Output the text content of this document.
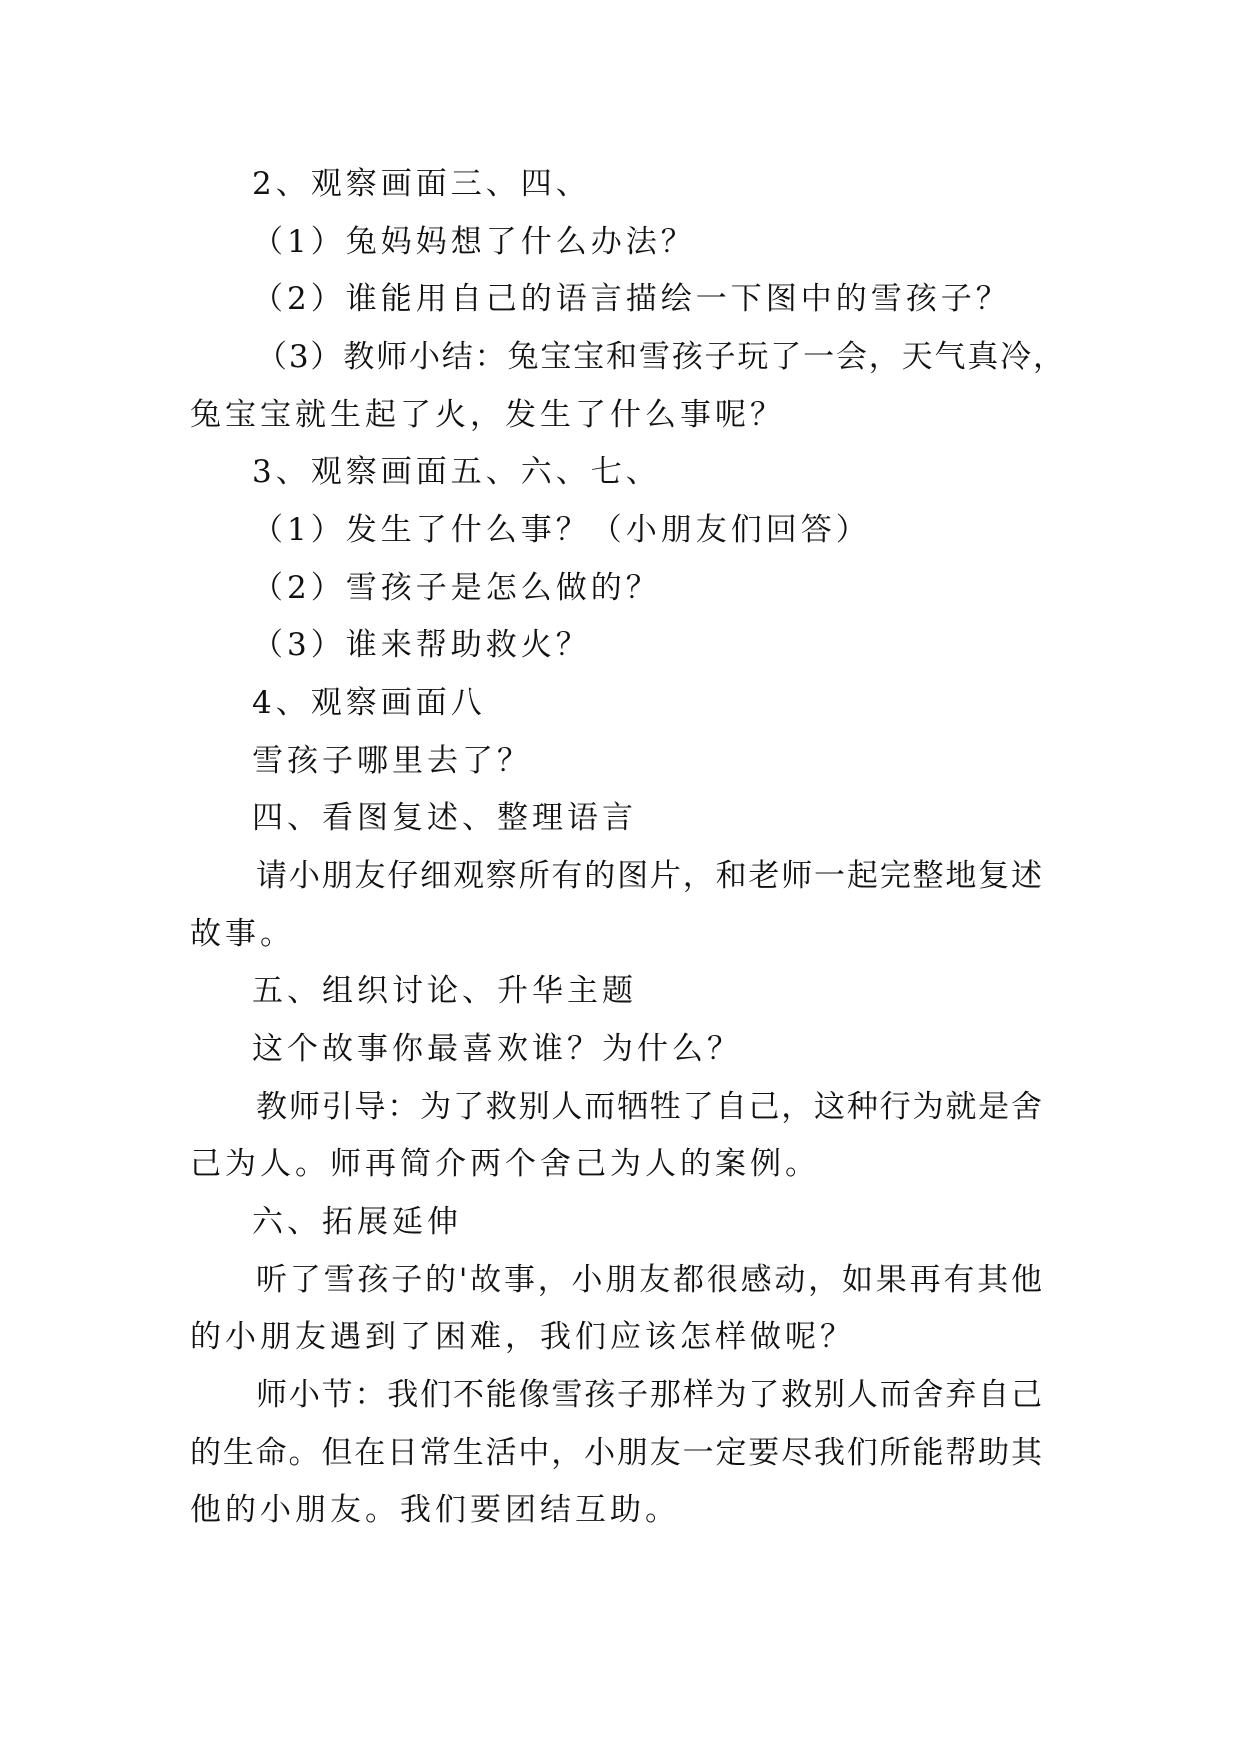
2、观察画面三、四、
（1）兔妈妈想了什么办法？
（2）谁能用自己的语言描绘一下图中的雪孩子？
（3）教师小结：兔宝宝和雪孩子玩了一会，天气真冷，
兔宝宝就生起了火，发生了什么事呢？
3、观察画面五、六、七、
（1）发生了什么事？（小朋友们回答）
（2）雪孩子是怎么做的？
（3）谁来帮助救火？
4、观察画面八
雪孩子哪里去了？
四、看图复述、整理语言
请小朋友仔细观察所有的图片，和老师一起完整地复述
故事。
五、组织讨论、升华主题
这个故事你最喜欢谁？为什么？
教师引导：为了救别人而牺牲了自己，这种行为就是舍
己为人。师再简介两个舍己为人的案例。
六、拓展延伸
听了雪孩子的'故事，小朋友都很感动，如果再有其他
的小朋友遇到了困难，我们应该怎样做呢？
师小节：我们不能像雪孩子那样为了救别人而舍弃自己
的生命。但在日常生活中，小朋友一定要尽我们所能帮助其
他的小朋友。我们要团结互助。
